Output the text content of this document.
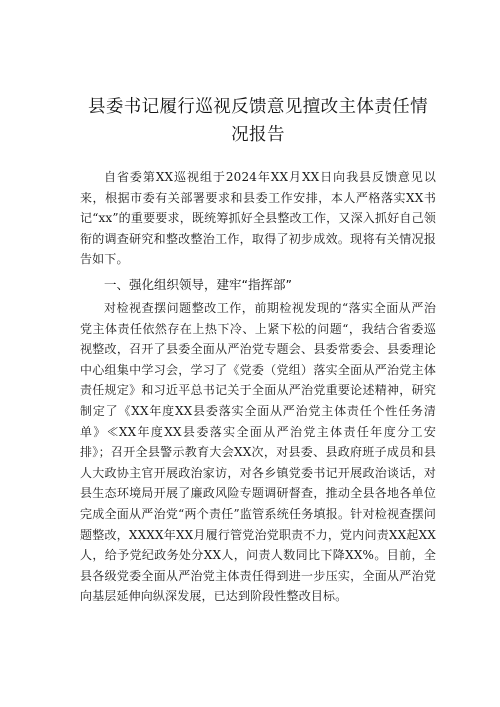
县委书记履行巡视反馈意见擅改主体责任情况报告

自省委第XX巡视组于2024年XX月XX日向我县反馈意见以来，根据市委有关部署要求和县委工作安排，本人严格落实XX书记“xx”的重要要求，既统筹抓好全县整改工作，又深入抓好自己领衔的调查研究和整改整治工作，取得了初步成效。现将有关情况报告如下。

一、强化组织领导，建牢“指挥部”

对检视查摆问题整改工作，前期检视发现的“落实全面从严治党主体责任依然存在上热下冷、上紧下松的问题“，我结合省委巡视整改，召开了县委全面从严治党专题会、县委常委会、县委理论中心组集中学习会，学习了《党委（党组）落实全面从严治党主体责任规定》和习近平总书记关于全面从严治党重要论述精神，研究制定了《XX年度XX县委落实全面从严治党主体责任个性任务清单》≪XX年度XX县委落实全面从严治党主体责任年度分工安排》；召开全县警示教育大会XX次，对县委、县政府班子成员和县人大政协主官开展政治家访，对各乡镇党委书记开展政治谈话，对县生态环境局开展了廉政风险专题调研督查，推动全县各地各单位完成全面从严治党“两个责任”监管系统任务填报。针对检视查摆问题整改，XXXX年XX月履行管党治党职责不力，党内问责XX起XX人，给予党纪政务处分XX人，问责人数同比下降XX%。目前，全县各级党委全面从严治党主体责任得到进一步压实，全面从严治党向基层延伸向纵深发展，已达到阶段性整改目标。
